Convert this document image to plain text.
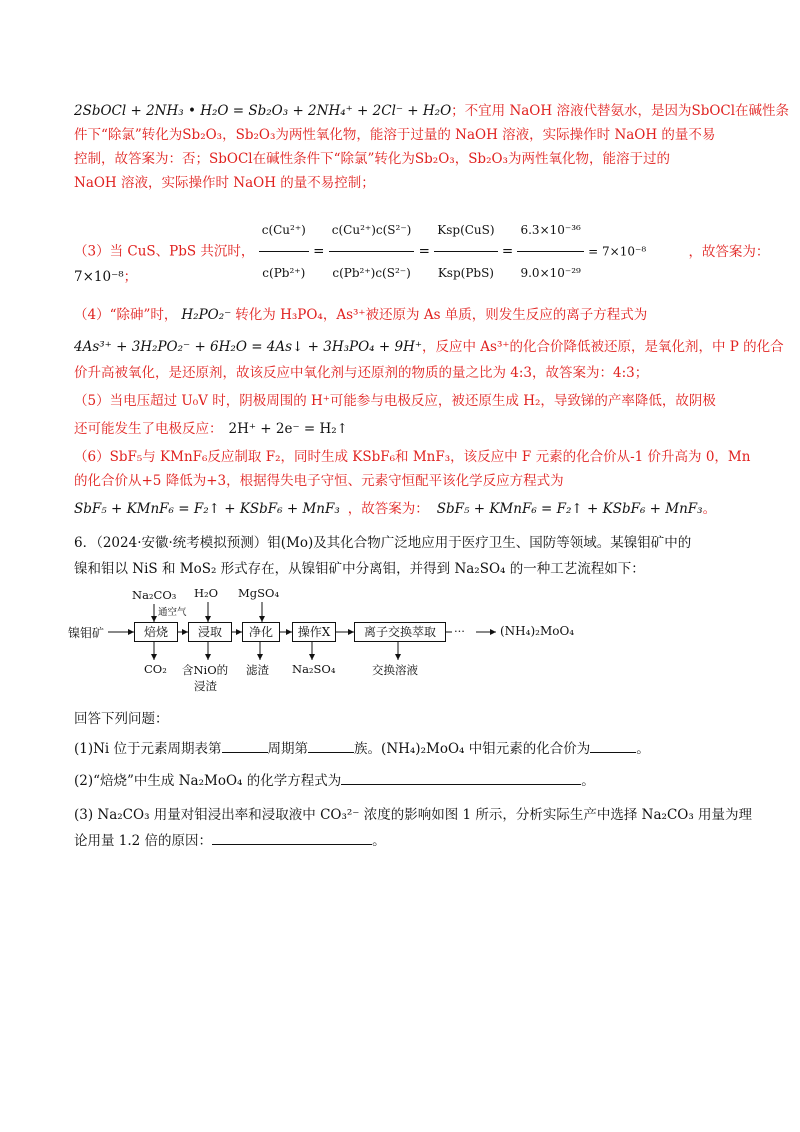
2SbOCl + 2NH₃ • H₂O = Sb₂O₃ + 2NH₄⁺ + 2Cl⁻ + H₂O；不宜用 NaOH 溶液代替氨水，是因为SbOCl在碱性条
件下“除氯”转化为Sb₂O₃，Sb₂O₃为两性氧化物，能溶于过量的 NaOH 溶液，实际操作时 NaOH 的量不易
控制，故答案为：否；SbOCl在碱性条件下“除氯”转化为Sb₂O₃，Sb₂O₃为两性氧化物，能溶于过的
NaOH 溶液，实际操作时 NaOH 的量不易控制；
（3）当 CuS、PbS 共沉时， $\frac{\text{c(Cu²⁺)}}{\text{c(Pb²⁺)}} = \frac{\text{c(Cu²⁺)c(S²⁻)}}{\text{c(Pb²⁺)c(S²⁻)}} = \frac{\text{Ksp(CuS)}}{\text{Ksp(PbS)}} = \frac{\text{6.3×10⁻³⁶}}{\text{9.0×10⁻²⁹}} = 7\times 10^{-8}$	，故答案为：
7×10⁻⁸；
（4）“除砷”时， H₂PO₂⁻ 转化为 H₃PO₄，As³⁺被还原为 As 单质，则发生反应的离子方程式为
4As³⁺ + 3H₂PO₂⁻ + 6H₂O = 4As↓ + 3H₃PO₄ + 9H⁺，反应中 As³⁺的化合价降低被还原，是氧化剂，中 P 的化合
价升高被氧化，是还原剂，故该反应中氧化剂与还原剂的物质的量之比为 4:3，故答案为：4:3；
（5）当电压超过 U₀V 时，阴极周围的 H⁺可能参与电极反应，被还原生成 H₂，导致锑的产率降低，故阴极
还可能发生了电极反应： 2H⁺ + 2e⁻ = H₂↑
（6）SbF₅与 KMnF₆反应制取 F₂，同时生成 KSbF₆和 MnF₃，该反应中 F 元素的化合价从-1 价升高为 0，Mn
的化合价从+5 降低为+3，根据得失电子守恒、元素守恒配平该化学反应方程式为
SbF₅ + KMnF₆ = F₂↑ + KSbF₆ + MnF₃ ，故答案为： SbF₅ + KMnF₆ = F₂↑ + KSbF₆ + MnF₃。
6．（2024·安徽·统考模拟预测）钼(Mo)及其化合物广泛地应用于医疗卫生、国防等领域。某镍钼矿中的
镍和钼以 NiS 和 MoS₂ 形式存在，从镍钼矿中分离钼，并得到 Na₂SO₄ 的一种工艺流程如下：
镍钼矿	焙烧	浸取	净化	操作X	离子交换萃取	···	(NH₄)₂MoO₄
Na₂CO₃
通空气
H₂O MgSO₄
CO₂ 含NiO的
浸渣
滤渣 Na₂SO₄	交换溶液
回答下列问题：
(1)Ni 位于元素周期表第	周期第	族。(NH₄)₂MoO₄ 中钼元素的化合价为	。
(2)“焙烧”中生成 Na₂MoO₄ 的化学方程式为	。
(3) Na₂CO₃ 用量对钼浸出率和浸取液中 CO₃²⁻ 浓度的影响如图 1 所示，分析实际生产中选择 Na₂CO₃ 用量为理
论用量 1.2 倍的原因：	。
